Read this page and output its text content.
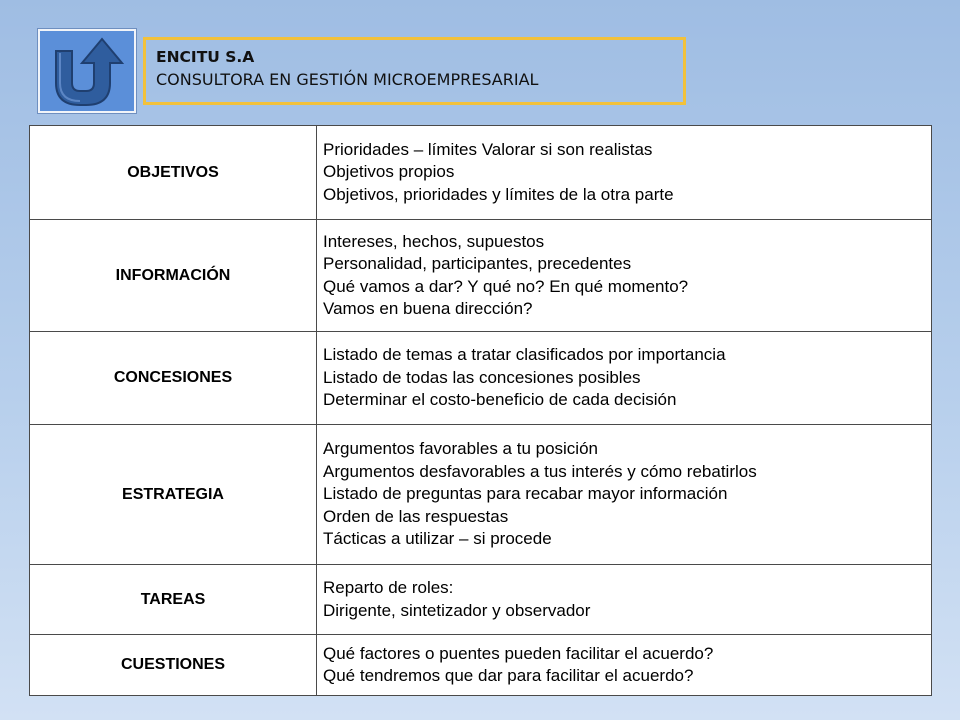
ENCITU S.A
CONSULTORA EN GESTIÓN MICROEMPRESARIAL
OBJETIVOS	Prioridades – límites Valorar si son realistas
Objetivos propios
Objetivos, prioridades y límites de la otra parte

INFORMACIÓN	Intereses, hechos, supuestos
Personalidad, participantes, precedentes
Qué vamos a dar? Y qué no? En qué momento?
Vamos en buena dirección?

CONCESIONES	Listado de temas a tratar clasificados por importancia
Listado de todas las concesiones posibles
Determinar el costo-beneficio de cada decisión

ESTRATEGIA	Argumentos favorables a tu posición
Argumentos desfavorables a tus interés y cómo rebatirlos
Listado de preguntas para recabar mayor información
Orden de las respuestas
Tácticas a utilizar – si procede

TAREAS	Reparto de roles:
Dirigente, sintetizador y observador

CUESTIONES	Qué factores o puentes pueden facilitar el acuerdo?
Qué tendremos que dar para facilitar el acuerdo?
